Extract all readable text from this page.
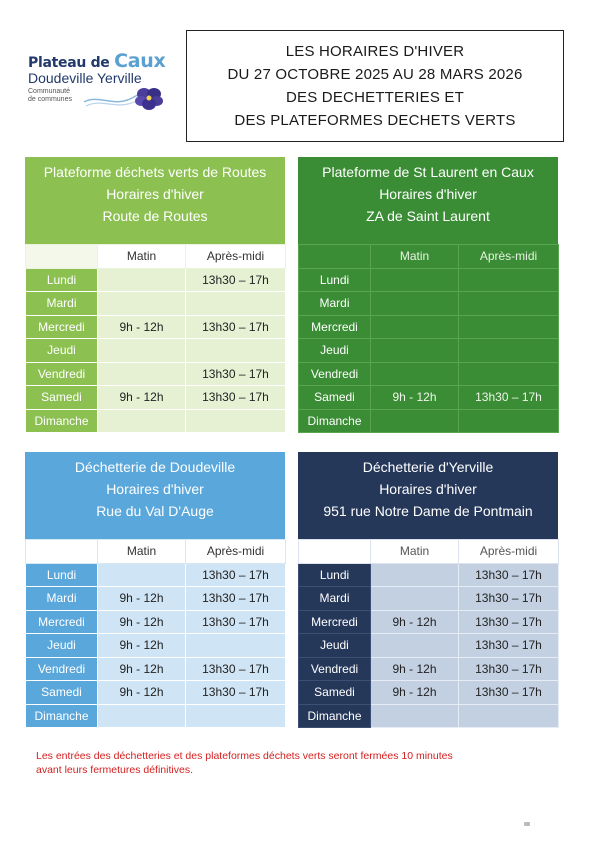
Plateau de Caux
Doudeville Yerville
Communauté
de communes
LES HORAIRES D'HIVER
DU 27 OCTOBRE 2025 AU 28 MARS 2026
DES DECHETTERIES ET
DES PLATEFORMES DECHETS VERTS
Plateforme déchets verts de Routes
Horaires d'hiver
Route de Routes
	Matin	Après-midi
Lundi		13h30 – 17h
Mardi		
Mercredi	9h - 12h	13h30 – 17h
Jeudi		
Vendredi		13h30 – 17h
Samedi	9h - 12h	13h30 – 17h
Dimanche		
Plateforme de St Laurent en Caux
Horaires d'hiver
ZA de Saint Laurent
	Matin	Après-midi
Lundi		
Mardi		
Mercredi		
Jeudi		
Vendredi		
Samedi	9h - 12h	13h30 – 17h
Dimanche		
Déchetterie de Doudeville
Horaires d'hiver
Rue du Val D'Auge
	Matin	Après-midi
Lundi		13h30 – 17h
Mardi	9h - 12h	13h30 – 17h
Mercredi	9h - 12h	13h30 – 17h
Jeudi	9h - 12h	
Vendredi	9h - 12h	13h30 – 17h
Samedi	9h - 12h	13h30 – 17h
Dimanche		
Déchetterie d'Yerville
Horaires d'hiver
951 rue Notre Dame de Pontmain
	Matin	Après-midi
Lundi		13h30 – 17h
Mardi		13h30 – 17h
Mercredi	9h - 12h	13h30 – 17h
Jeudi		13h30 – 17h
Vendredi	9h - 12h	13h30 – 17h
Samedi	9h - 12h	13h30 – 17h
Dimanche		
Les entrées des déchetteries et des plateformes déchets verts seront fermées 10 minutes
avant leurs fermetures définitives.
